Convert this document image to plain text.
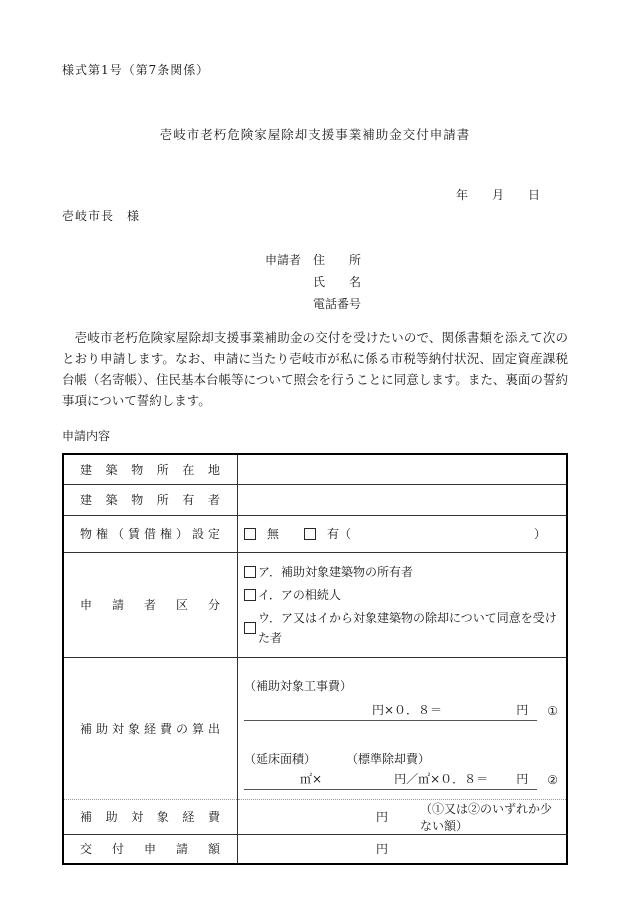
様式第1号（第7条関係）
壱岐市老朽危険家屋除却支援事業補助金交付申請書
年　　月　　日
壱岐市長　様
申請者 住　　所
氏　　名
電話番号

　壱岐市老朽危険家屋除却支援事業補助金の交付を受けたいので、関係書類を添えて次のとおり申請します。なお、申請に当たり壱岐市が私に係る市税等納付状況、固定資産課税台帳（名寄帳）、住民基本台帳等について照会を行うことに同意します。また、裏面の誓約事項について誓約します。

申請内容
建築物所在地	
建築物所有者	
物権（賃借権）設定	無 有（ ）

申請者区分	ア．補助対象建築物の所有者
イ．アの相続人
ウ．ア又はイから対象建築物の除却について同意を受けた者

補助対象経費の算出	
（補助対象工事費）
円×０．８＝	円 ①
（延床面積）	（標準除却費）
㎡×	円／㎡×０．８＝ 円 ②

補助対象経費	円
（①又は②のいずれか少ない額）

交付申請額	円
